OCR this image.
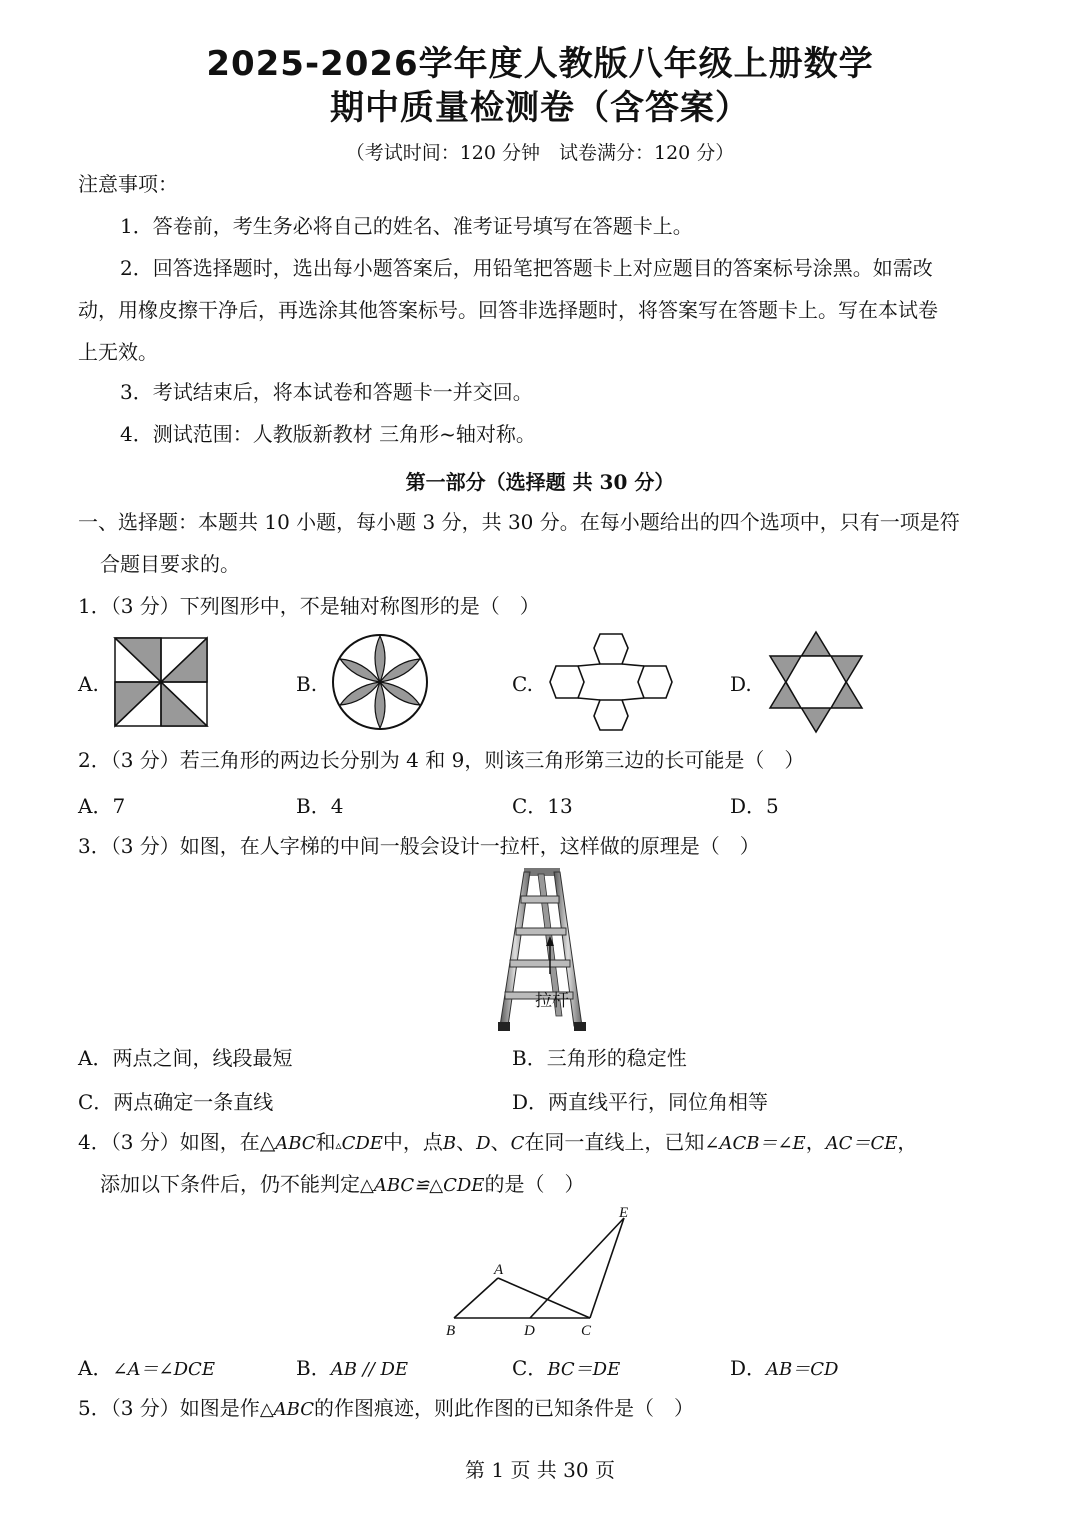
2025-2026学年度人教版八年级上册数学
期中质量检测卷（含答案）
（考试时间：120 分钟　试卷满分：120 分）
注意事项：
1．答卷前，考生务必将自己的姓名、准考证号填写在答题卡上。
2．回答选择题时，选出每小题答案后，用铅笔把答题卡上对应题目的答案标号涂黑。如需改
动，用橡皮擦干净后，再选涂其他答案标号。回答非选择题时，将答案写在答题卡上。写在本试卷
上无效。
3．考试结束后，将本试卷和答题卡一并交回。
4．测试范围：人教版新教材 三角形~轴对称。
第一部分（选择题 共 30 分）
一、选择题：本题共 10 小题，每小题 3 分，共 30 分。在每小题给出的四个选项中，只有一项是符
合题目要求的。
1．（3 分）下列图形中，不是轴对称图形的是（　）
A.	B.	C.	D.
2．（3 分）若三角形的两边长分别为 4 和 9，则该三角形第三边的长可能是（　）
A．7	B．4	C．13	D．5
3．（3 分）如图，在人字梯的中间一般会设计一拉杆，这样做的原理是（　）
拉杆
A．两点之间，线段最短	B．三角形的稳定性
C．两点确定一条直线	D．两直线平行，同位角相等
4．（3 分）如图，在△ABC和▵CDE中，点B、D、C在同一直线上，已知∠ACB＝∠E，AC＝CE，
添加以下条件后，仍不能判定△ABC≌△CDE的是（　）
B	D	C
A
E
A．∠A＝∠DCE	B．AB // DE	C．BC＝DE	D．AB＝CD
5．（3 分）如图是作△ABC的作图痕迹，则此作图的已知条件是（　）
第 1 页 共 30 页
